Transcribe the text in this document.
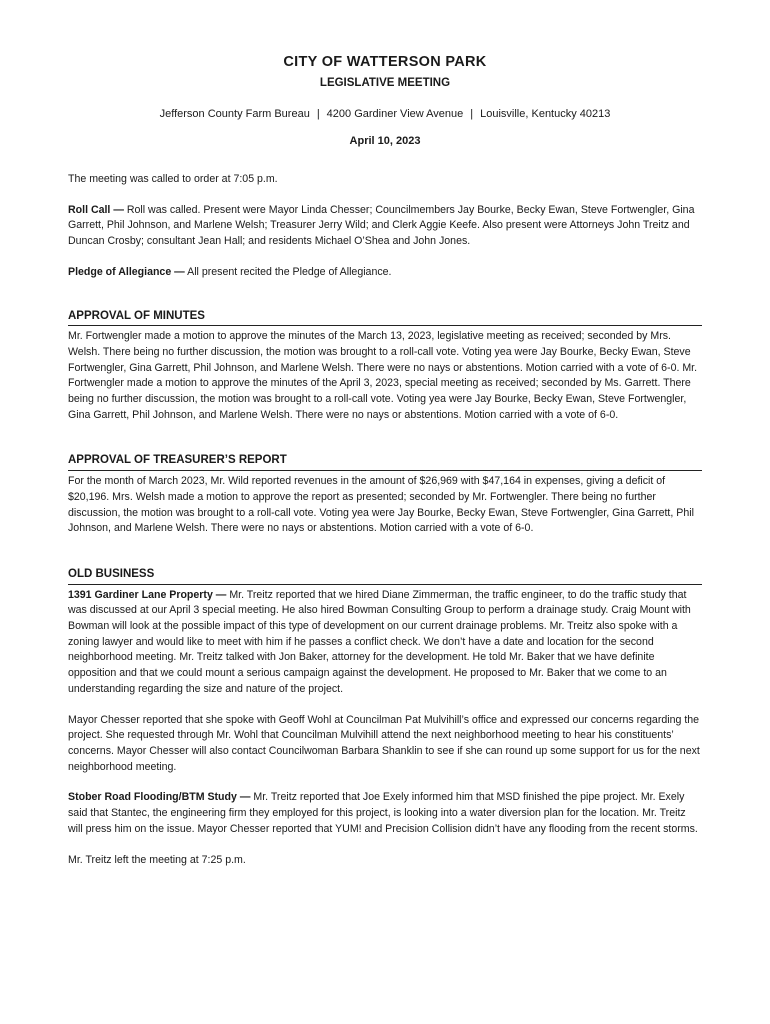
CITY OF WATTERSON PARK
LEGISLATIVE MEETING
Jefferson County Farm Bureau | 4200 Gardiner View Avenue | Louisville, Kentucky 40213
April 10, 2023

The meeting was called to order at 7:05 p.m.

Roll Call — Roll was called. Present were Mayor Linda Chesser; Councilmembers Jay Bourke, Becky Ewan, Steve Fortwengler, Gina Garrett, Phil Johnson, and Marlene Welsh; Treasurer Jerry Wild; and Clerk Aggie Keefe. Also present were Attorneys John Treitz and Duncan Crosby; consultant Jean Hall; and residents Michael O’Shea and John Jones.

Pledge of Allegiance — All present recited the Pledge of Allegiance.

APPROVAL OF MINUTES

Mr. Fortwengler made a motion to approve the minutes of the March 13, 2023, legislative meeting as received; seconded by Mrs. Welsh. There being no further discussion, the motion was brought to a roll-call vote. Voting yea were Jay Bourke, Becky Ewan, Steve Fortwengler, Gina Garrett, Phil Johnson, and Marlene Welsh. There were no nays or abstentions. Motion carried with a vote of 6-0. Mr. Fortwengler made a motion to approve the minutes of the April 3, 2023, special meeting as received; seconded by Ms. Garrett. There being no further discussion, the motion was brought to a roll-call vote. Voting yea were Jay Bourke, Becky Ewan, Steve Fortwengler, Gina Garrett, Phil Johnson, and Marlene Welsh. There were no nays or abstentions. Motion carried with a vote of 6-0.

APPROVAL OF TREASURER’S REPORT

For the month of March 2023, Mr. Wild reported revenues in the amount of $26,969 with $47,164 in expenses, giving a deficit of $20,196. Mrs. Welsh made a motion to approve the report as presented; seconded by Mr. Fortwengler. There being no further discussion, the motion was brought to a roll-call vote. Voting yea were Jay Bourke, Becky Ewan, Steve Fortwengler, Gina Garrett, Phil Johnson, and Marlene Welsh. There were no nays or abstentions. Motion carried with a vote of 6-0.

OLD BUSINESS

1391 Gardiner Lane Property — Mr. Treitz reported that we hired Diane Zimmerman, the traffic engineer, to do the traffic study that was discussed at our April 3 special meeting. He also hired Bowman Consulting Group to perform a drainage study. Craig Mount with Bowman will look at the possible impact of this type of development on our current drainage problems. Mr. Treitz also spoke with a zoning lawyer and would like to meet with him if he passes a conflict check. We don’t have a date and location for the second neighborhood meeting. Mr. Treitz talked with Jon Baker, attorney for the development. He told Mr. Baker that we have definite opposition and that we could mount a serious campaign against the development. He proposed to Mr. Baker that we come to an understanding regarding the size and nature of the project.

Mayor Chesser reported that she spoke with Geoff Wohl at Councilman Pat Mulvihill’s office and expressed our concerns regarding the project. She requested through Mr. Wohl that Councilman Mulvihill attend the next neighborhood meeting to hear his constituents’ concerns. Mayor Chesser will also contact Councilwoman Barbara Shanklin to see if she can round up some support for us for the next neighborhood meeting.

Stober Road Flooding/BTM Study — Mr. Treitz reported that Joe Exely informed him that MSD finished the pipe project. Mr. Exely said that Stantec, the engineering firm they employed for this project, is looking into a water diversion plan for the location. Mr. Treitz will press him on the issue. Mayor Chesser reported that YUM! and Precision Collision didn’t have any flooding from the recent storms.

Mr. Treitz left the meeting at 7:25 p.m.
